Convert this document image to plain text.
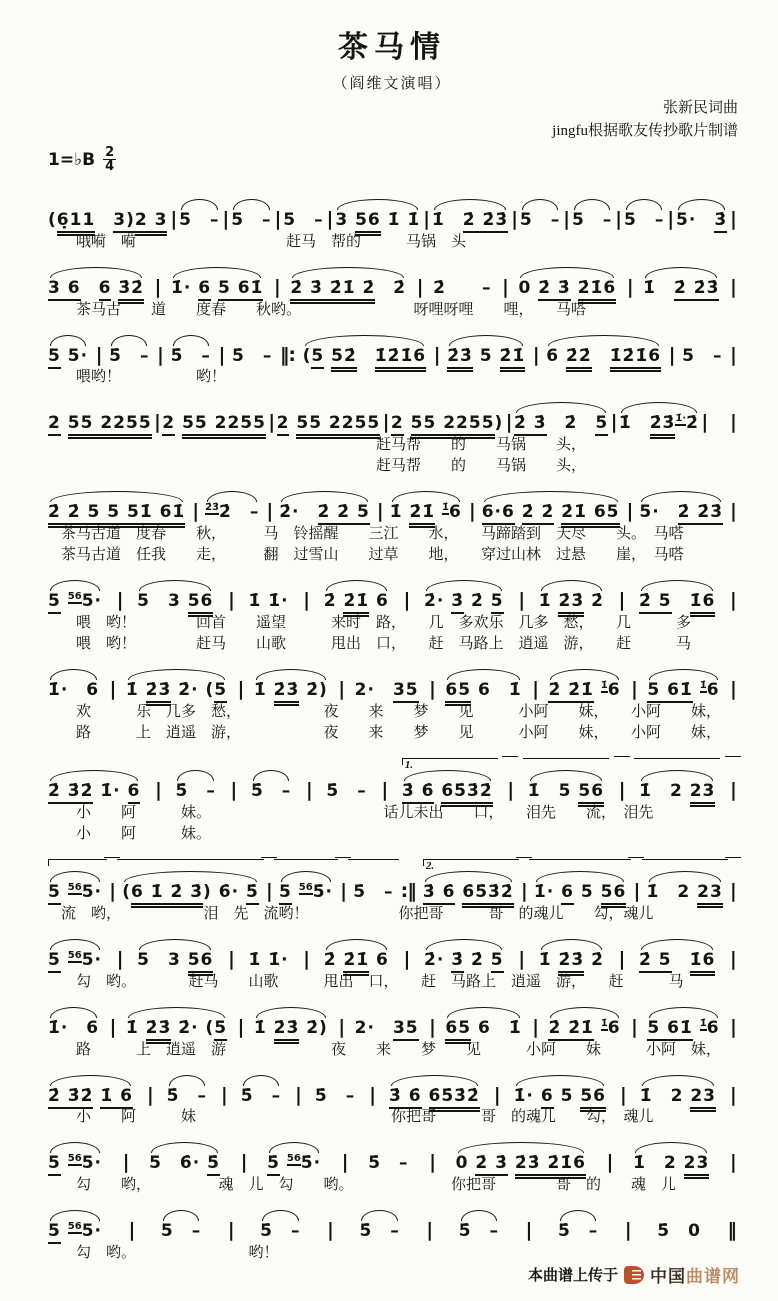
茶马情
（阎维文演唱）
张新民词曲
jingfu根据歌友传抄歌片制谱
1=♭B $\frac{2}{4}$
(6̣11　 3)2 3 | 5　– | 5　– | 5　– | 3 56 1̇ 1̇ | 1̇　2̇ 2̇3̇ | 5　– | 5　– | 5　– | 5·　3̇ |
　　哦嗬　嗬　　　　　　　　　　赶马　帮的　　　马锅　头
3 6　 6 3̇2̇ | 1̇· 6 5 61̇ | 2̇ 3̇ 2̇1̇ 2̇　2̇ | 2̇　　– | 0 2̇ 3̇ 2̇1̇6 | 1̇　2̇ 2̇3̇ |
　　茶马古　　道　　度春　　秋哟。　　　　　　　　呀哩呀哩　　哩，　　马嗒
5 5· | 5̇　– | 5̇　– | 5̇　– ‖: (5 52̇　 1̇2̇1̇6 | 2̇3̇ 5 2̇1̇ | 6 2̇2̇　 1̇2̇1̇6 | 5　– |
　　喂哟！　　　　　哟！
2 55 2255 | 2 55 2255 | 2 55 2255 | 2 55 2255) | 2̇ 3̇　2̇　5 | 1̇　2̇3̇$^{1̇\cdot}$2̇ |
　 |
　　　　　　　　　　　　　　　　　　　　　　赶马帮　　的　　马锅　　头，
　　　　　　　　　　　　　　　　　　　　　　赶马帮　　的　　马锅　　头，
2̇ 2̇ 5 5 51̇ 61̇ | $^{2̇3̇}$2̇　– | 2̇·　2̇ 2̇ 5 | 1̇ 2̇1̇ $^{1̇}$6 | 6·6 2̇ 2̇ 2̇1̇ 65 | 5·　2̇ 2̇3̇ |
　茶马古道　度春　　秋，　　　马　铃摇醒　　三江　　水，　　马蹄踏到　天尽　　头。　马嗒
　茶马古道　任我　　走，　　　翻　过雪山　　过草　　地，　　穿过山林　过悬　　崖，　马嗒
5 $^{56}$5· | 5　3 56 | 1̇ 1̇· | 2̇ 2̇1̇ 6 | 2̇· 3̇ 2̇ 5 | 1̇ 2̇3̇ 2̇ | 2̇ 5　 1̇6 |
　　喂　哟！　　　　回首　　遥望　　　来时　路，　　几　多欢乐　几多　愁，　　几　　　多
　　喂　哟！　　　　赶马　　山歌　　　甩出　口，　　赶　马路上　逍遥　游，　　赶　　　马
1̇·　6 | 1̇ 2̇3̇ 2̇· (5 | 1̇ 2̇3̇ 2̇) | 2·　35 | 65 6　1̇ | 2̇ 2̇1̇ $^{1̇}$6 | 5 61̇ $^{1̇}$6 |
　　欢　　　乐　几多　愁，　　　　　　夜　　来　　梦　　见　　　小阿　　妹，　　小阿　　妹，
　　路　　　上　逍遥　游，　　　　　　夜　　来　　梦　　见　　　小阿　　妹，　　小阿　　妹，
2̇ 3̇2̇ 1̇· 6 | 5̇　– | 5̇　– | 5̇　– | 3̇ 6̇ 6̇5̇3̇2̇
1.
| 1̇　5 56 | 1̇　2 23 |
　　小　　阿　　　妹。　　　　　　　　　　　　话儿未出　　口，　　泪先　　流，　泪先
　　小　　阿　　　妹。
5 $^{56}$5· | (6 1̇ 2̇ 3̇) 6̇· 5̇ | 5 $^{56}$5̇· | 5̇　– :‖ 3̇ 6̇ 6̇5̇3̇2̇
2.
| 1̇· 6 5 56 | 1̇　2 23 |
　流　哟，　　　　　　泪　先　流哟！　　　　　　你把哥　　　哥　的魂儿　　勾，魂儿
5 $^{56}$5· | 5　3 56 | 1̇ 1̇· | 2̇ 2̇1̇ 6 | 2̇· 3̇ 2̇ 5 | 1̇ 2̇3̇ 2̇ | 2̇ 5　 1̇6 |
　　勾　哟。　　　　赶马　　山歌　　　甩出　口，　　赶　马路上　逍遥　游，　　赶　　　马
1̇·　6 | 1̇ 2̇3̇ 2̇· (5 | 1̇ 2̇3̇ 2̇) | 2·　35 | 65 6　1̇ | 2̇ 2̇1̇ $^{1̇}$6 | 5 61̇ $^{1̇}$6 |
　　路　　　上　逍遥　游　　　　　　　夜　　来　　梦　　见　　　小阿　　妹　　　小阿　妹，
2̇ 3̇2̇ 1̇ 6 | 5̇　– | 5̇　– | 5̇　– | 3̇ 6̇ 6̇5̇3̇2̇ | 1̇· 6 5 56 | 1̇　2 23 |
　　小　　阿　　　妹　　　　　　　　　　　　　你把哥　　　哥　的魂儿　　勾，　魂儿
5 $^{56}$5· | 5　6̇· 5̇ | 5̇ $^{56}$5̇· | 5̇　– | 0 2̇ 3̇ 2̇3̇ 2̇1̇6 | 1̇　2 23 |
　　勾　　哟，　　　　　魂　儿　勾　　哟。　　　　　　　你把哥　　　　哥　的　　魂　儿
5 $^{56}$5· | 5　– | 5̇　– | 5̇　– | 5̇　– | 5̇　– | 5̇　0 ‖
　　勾　哟。　　　　　　　　哟！
本曲谱上传于 中国曲谱网
